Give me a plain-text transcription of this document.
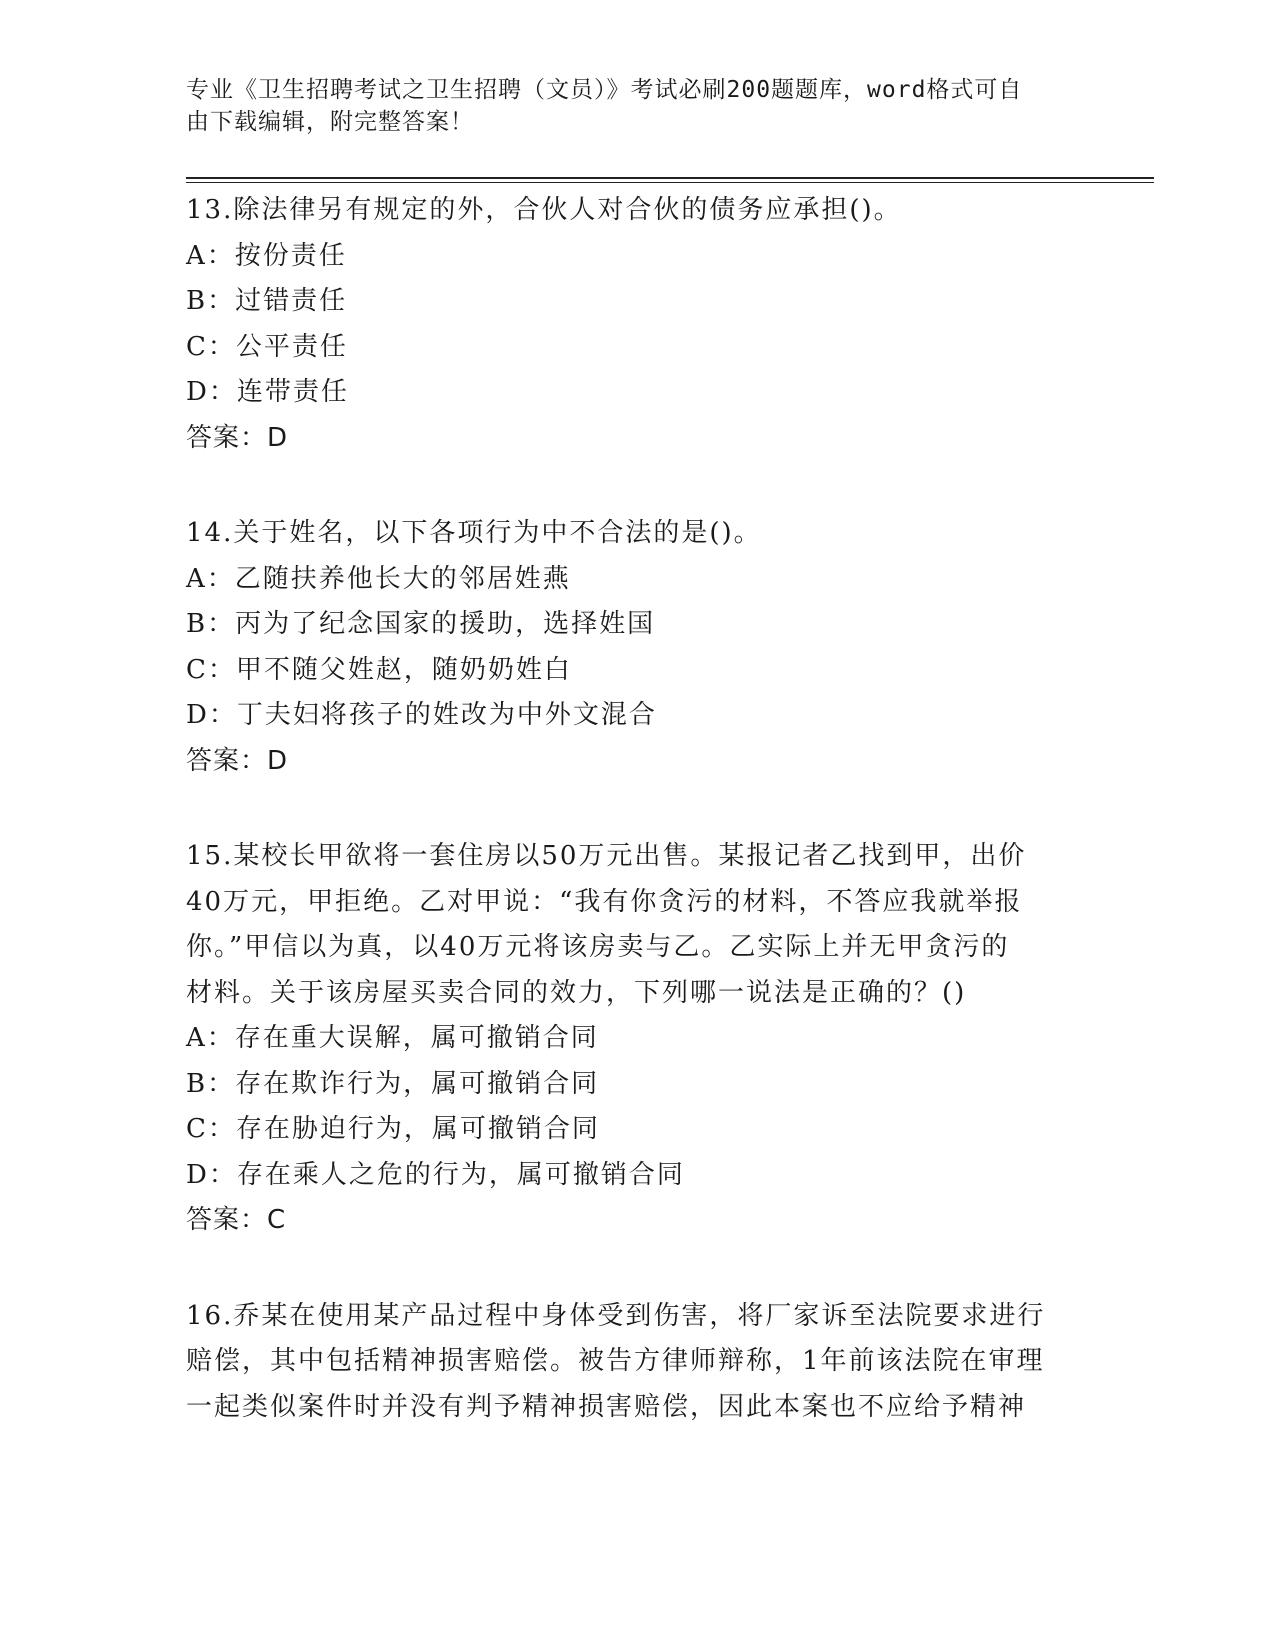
专业《卫生招聘考试之卫生招聘（文员）》考试必刷200题题库，word格式可自
由下载编辑，附完整答案！
13.除法律另有规定的外，合伙人对合伙的债务应承担()。
A：按份责任
B：过错责任
C：公平责任
D：连带责任
答案：D
14.关于姓名，以下各项行为中不合法的是()。
A：乙随扶养他长大的邻居姓燕
B：丙为了纪念国家的援助，选择姓国
C：甲不随父姓赵，随奶奶姓白
D：丁夫妇将孩子的姓改为中外文混合
答案：D
15.某校长甲欲将一套住房以50万元出售。某报记者乙找到甲，出价
40万元，甲拒绝。乙对甲说：“我有你贪污的材料，不答应我就举报
你。”甲信以为真，以40万元将该房卖与乙。乙实际上并无甲贪污的
材料。关于该房屋买卖合同的效力，下列哪一说法是正确的？()
A：存在重大误解，属可撤销合同
B：存在欺诈行为，属可撤销合同
C：存在胁迫行为，属可撤销合同
D：存在乘人之危的行为，属可撤销合同
答案：C
16.乔某在使用某产品过程中身体受到伤害，将厂家诉至法院要求进行
赔偿，其中包括精神损害赔偿。被告方律师辩称，1年前该法院在审理
一起类似案件时并没有判予精神损害赔偿，因此本案也不应给予精神
